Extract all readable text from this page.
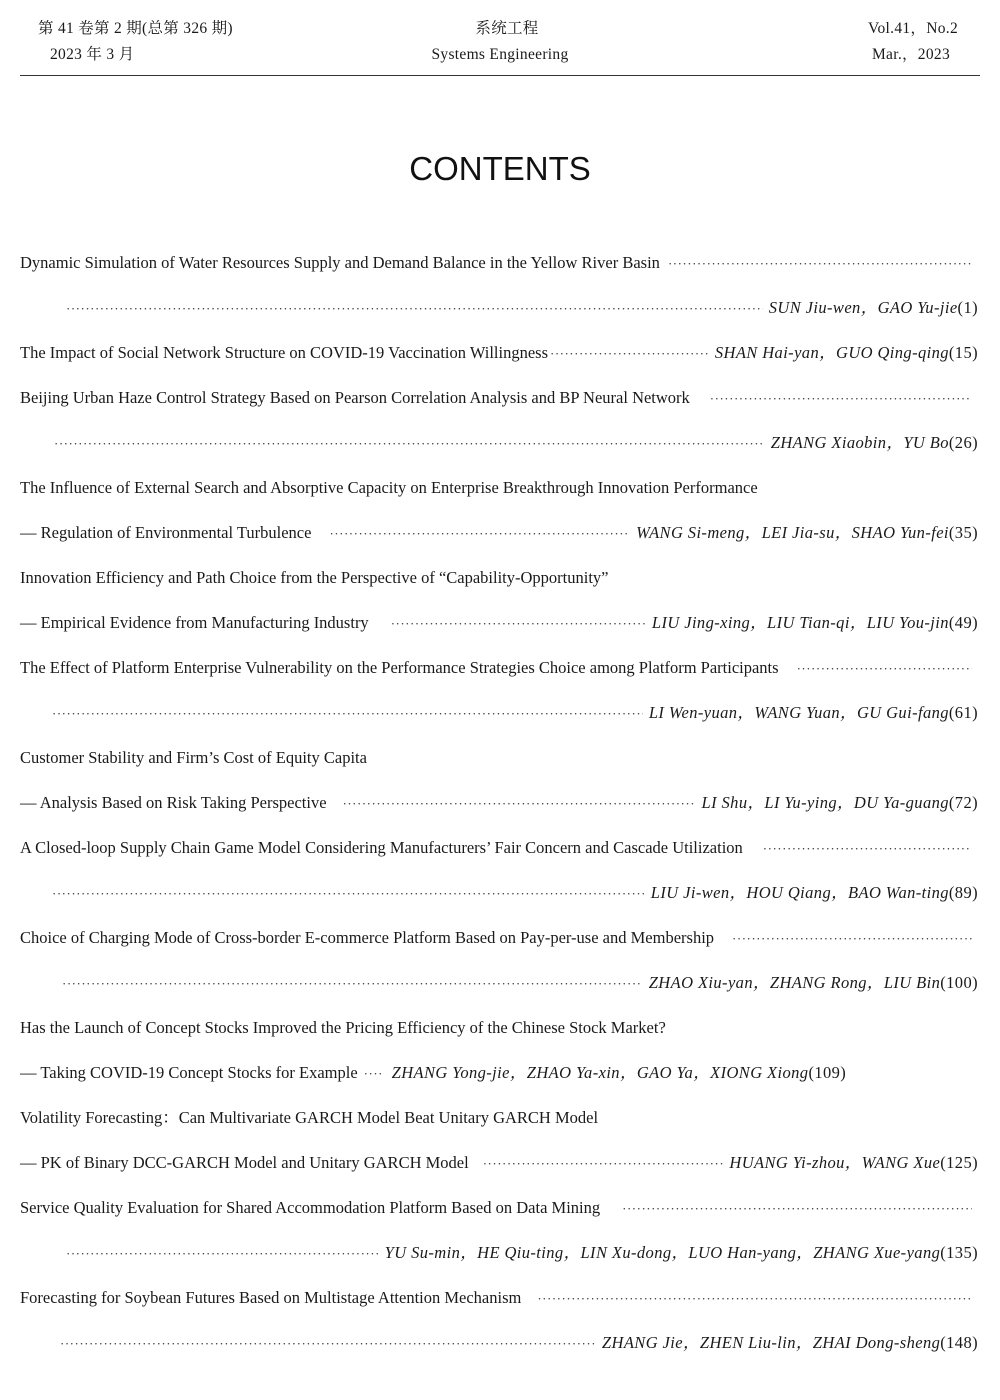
第 41 卷第 2 期(总第 326 期)
2023 年 3 月
系统工程
Systems Engineering
Vol.41，No.2
Mar.，2023
CONTENTS
Dynamic Simulation of Water Resources Supply and Demand Balance in the Yellow River Basin
·····
·····
SUN Jiu-wen，GAO Yu-jie (1)
The Impact of Social Network Structure on COVID-19 Vaccination Willingness ·····	SHAN Hai-yan，GUO Qing-qing (15)
Beijing Urban Haze Control Strategy Based on Pearson Correlation Analysis and BP Neural Network
·····
·····
ZHANG Xiaobin，YU Bo (26)
The Influence of External Search and Absorptive Capacity on Enterprise Breakthrough Innovation Performance
— Regulation of Environmental Turbulence ·····	WANG Si-meng，LEI Jia-su，SHAO Yun-fei (35)
Innovation Efficiency and Path Choice from the Perspective of “Capability-Opportunity”
— Empirical Evidence from Manufacturing Industry ·····	LIU Jing-xing，LIU Tian-qi，LIU You-jin (49)
The Effect of Platform Enterprise Vulnerability on the Performance Strategies Choice among Platform Participants
·····
·····
LI Wen-yuan，WANG Yuan，GU Gui-fang (61)
Customer Stability and Firm’s Cost of Equity Capita
— Analysis Based on Risk Taking Perspective ·····	LI Shu，LI Yu-ying，DU Ya-guang (72)
A Closed-loop Supply Chain Game Model Considering Manufacturers’ Fair Concern and Cascade Utilization
·····
·····
LIU Ji-wen，HOU Qiang，BAO Wan-ting (89)
Choice of Charging Mode of Cross-border E-commerce Platform Based on Pay-per-use and Membership
·····
·····
ZHAO Xiu-yan，ZHANG Rong，LIU Bin (100)
Has the Launch of Concept Stocks Improved the Pricing Efficiency of the Chinese Stock Market?
— Taking COVID-19 Concept Stocks for Example ····· ZHANG Yong-jie，ZHAO Ya-xin，GAO Ya，XIONG Xiong (109)
Volatility Forecasting：Can Multivariate GARCH Model Beat Unitary GARCH Model
— PK of Binary DCC-GARCH Model and Unitary GARCH Model ·····	HUANG Yi-zhou，WANG Xue (125)
Service Quality Evaluation for Shared Accommodation Platform Based on Data Mining
·····
·····
YU Su-min，HE Qiu-ting，LIN Xu-dong，LUO Han-yang，ZHANG Xue-yang (135)
Forecasting for Soybean Futures Based on Multistage Attention Mechanism
·····
·····
ZHANG Jie，ZHEN Liu-lin，ZHAI Dong-sheng (148)
